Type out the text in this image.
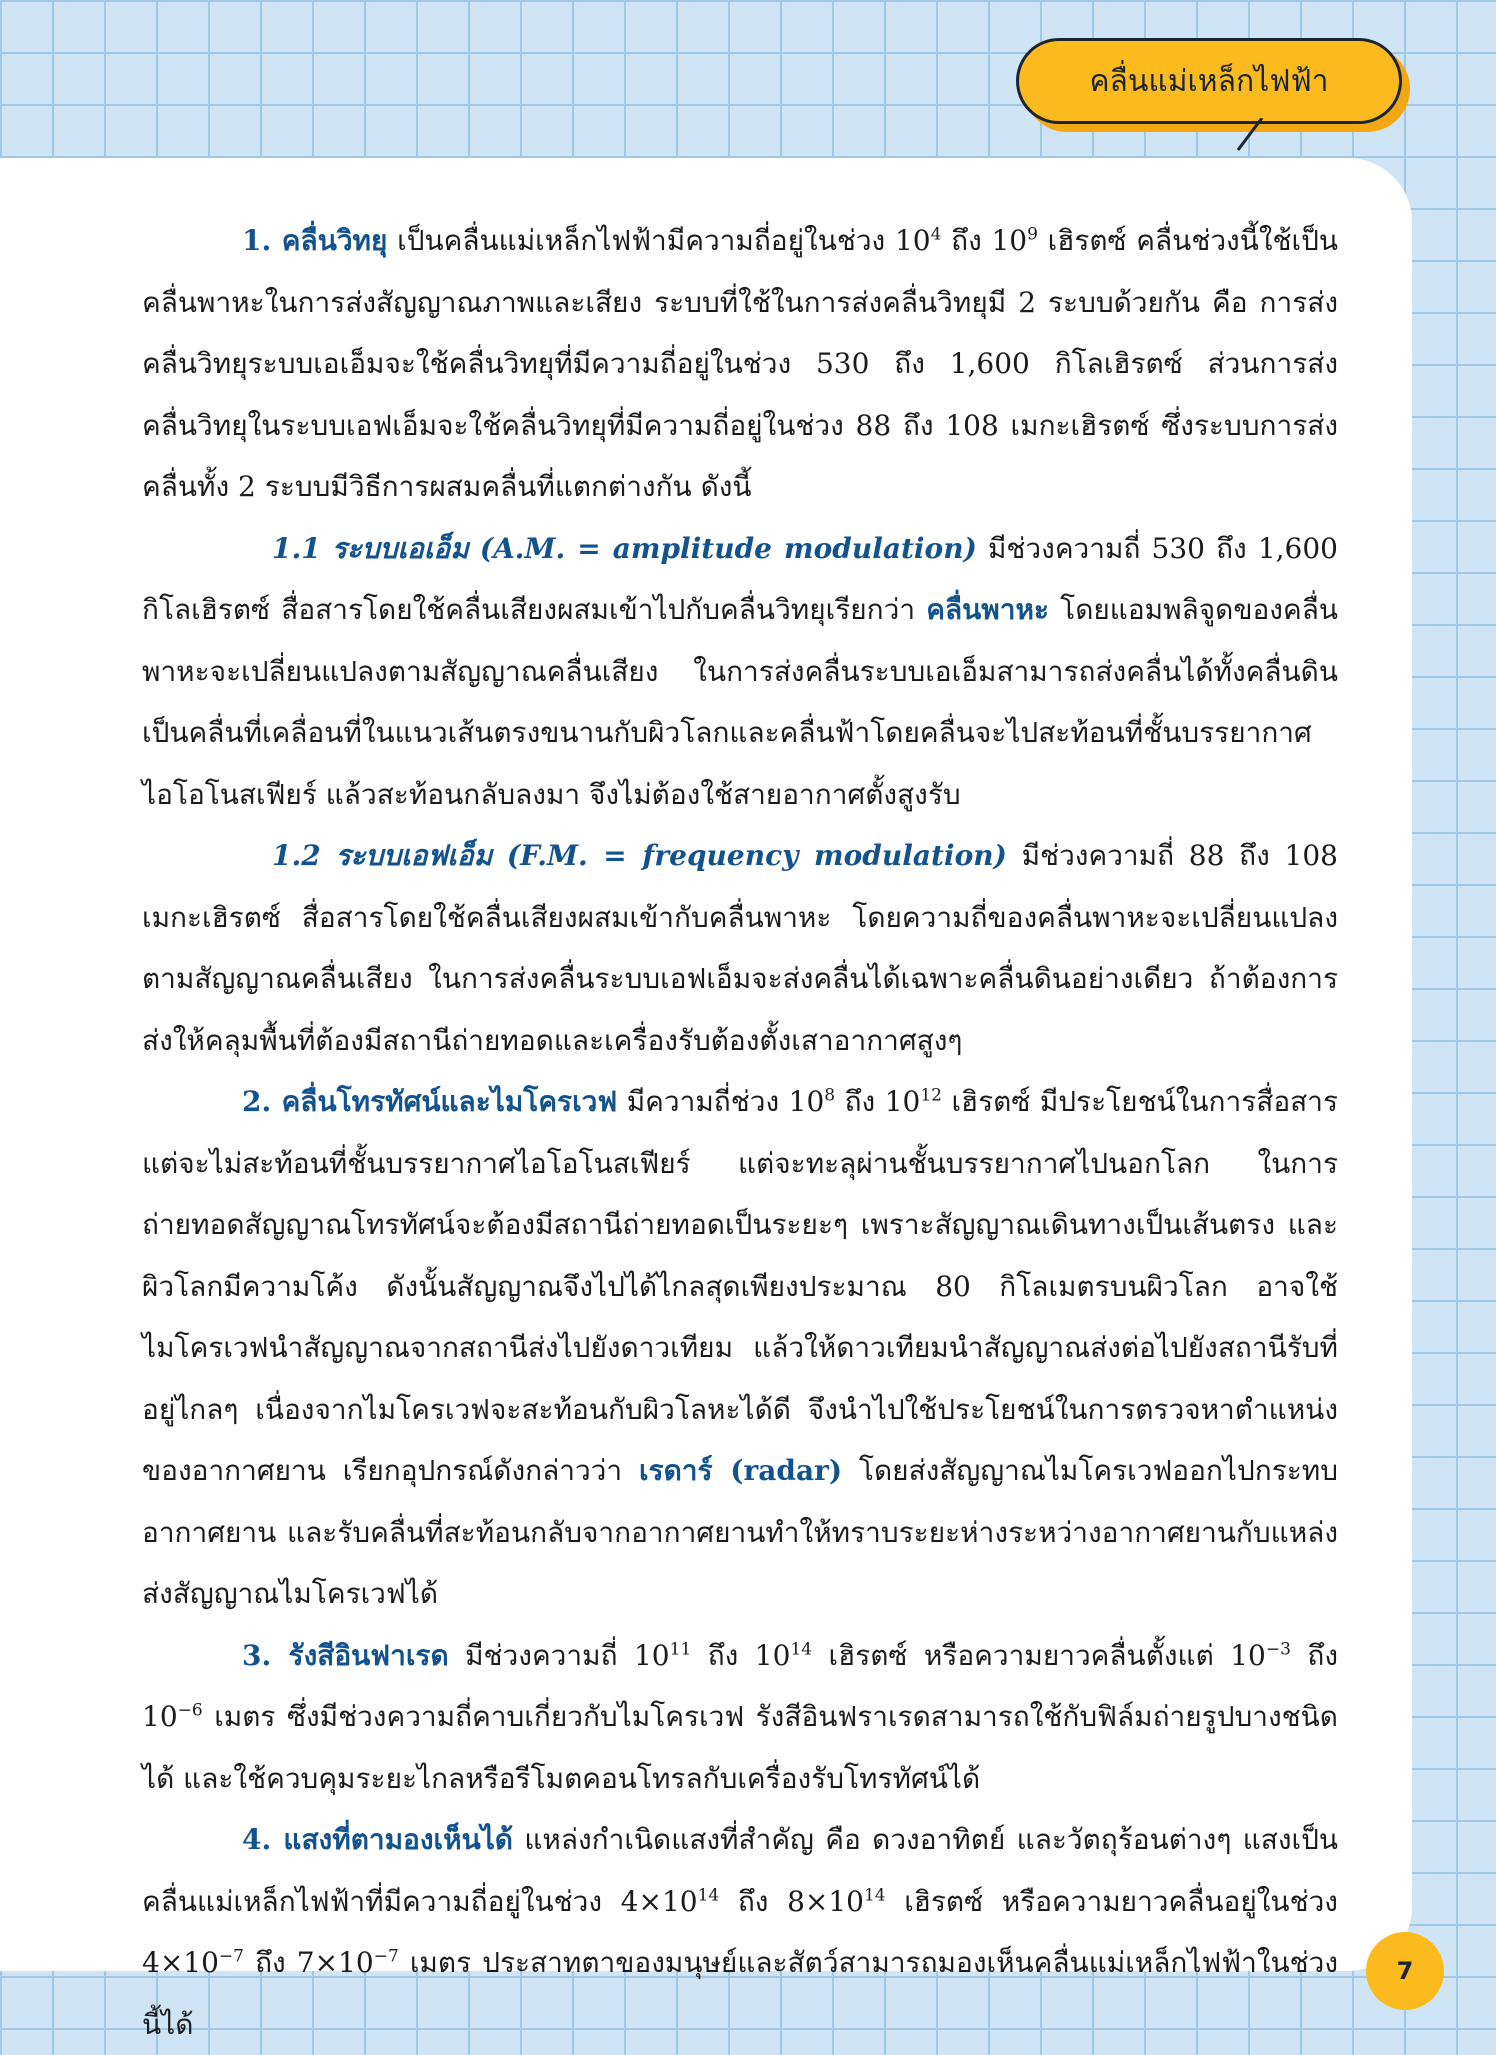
คลื่นแม่เหล็กไฟฟ้า

1. คลื่นวิทยุ เป็นคลื่นแม่เหล็กไฟฟ้ามีความถี่อยู่ในช่วง $10^4$ ถึง $10^9$ เฮิรตซ์ คลื่นช่วงนี้ใช้เป็นคลื่นพาหะในการส่งสัญญาณภาพและเสียง ระบบที่ใช้ในการส่งคลื่นวิทยุมี 2 ระบบด้วยกัน คือ การส่งคลื่นวิทยุระบบเอเอ็มจะใช้คลื่นวิทยุที่มีความถี่อยู่ในช่วง 530 ถึง 1,600 กิโลเฮิรตซ์ ส่วนการส่งคลื่นวิทยุในระบบเอฟเอ็มจะใช้คลื่นวิทยุที่มีความถี่อยู่ในช่วง 88 ถึง 108 เมกะเฮิรตซ์ ซึ่งระบบการส่งคลื่นทั้ง 2 ระบบมีวิธีการผสมคลื่นที่แตกต่างกัน ดังนี้

1.1 ระบบเอเอ็ม (A.M. = amplitude modulation) มีช่วงความถี่ 530 ถึง 1,600 กิโลเฮิรตซ์ สื่อสารโดยใช้คลื่นเสียงผสมเข้าไปกับคลื่นวิทยุเรียกว่า คลื่นพาหะ โดยแอมพลิจูดของคลื่นพาหะจะเปลี่ยนแปลงตามสัญญาณคลื่นเสียง ในการส่งคลื่นระบบเอเอ็มสามารถส่งคลื่นได้ทั้งคลื่นดินเป็นคลื่นที่เคลื่อนที่ในแนวเส้นตรงขนานกับผิวโลกและคลื่นฟ้าโดยคลื่นจะไปสะท้อนที่ชั้นบรรยากาศไอโอโนสเฟียร์ แล้วสะท้อนกลับลงมา จึงไม่ต้องใช้สายอากาศตั้งสูงรับ

1.2 ระบบเอฟเอ็ม (F.M. = frequency modulation) มีช่วงความถี่ 88 ถึง 108 เมกะเฮิรตซ์ สื่อสารโดยใช้คลื่นเสียงผสมเข้ากับคลื่นพาหะ โดยความถี่ของคลื่นพาหะจะเปลี่ยนแปลงตามสัญญาณคลื่นเสียง ในการส่งคลื่นระบบเอฟเอ็มจะส่งคลื่นได้เฉพาะคลื่นดินอย่างเดียว ถ้าต้องการส่งให้คลุมพื้นที่ต้องมีสถานีถ่ายทอดและเครื่องรับต้องตั้งเสาอากาศสูงๆ

2. คลื่นโทรทัศน์และไมโครเวฟ มีความถี่ช่วง $10^8$ ถึง $10^{12}$ เฮิรตซ์ มีประโยชน์ในการสื่อสาร แต่จะไม่สะท้อนที่ชั้นบรรยากาศไอโอโนสเฟียร์ แต่จะทะลุผ่านชั้นบรรยากาศไปนอกโลก ในการถ่ายทอดสัญญาณโทรทัศน์จะต้องมีสถานีถ่ายทอดเป็นระยะๆ เพราะสัญญาณเดินทางเป็นเส้นตรง และผิวโลกมีความโค้ง ดังนั้นสัญญาณจึงไปได้ไกลสุดเพียงประมาณ 80 กิโลเมตรบนผิวโลก อาจใช้ไมโครเวฟนำสัญญาณจากสถานีส่งไปยังดาวเทียม แล้วให้ดาวเทียมนำสัญญาณส่งต่อไปยังสถานีรับที่อยู่ไกลๆ เนื่องจากไมโครเวฟจะสะท้อนกับผิวโลหะได้ดี จึงนำไปใช้ประโยชน์ในการตรวจหาตำแหน่งของอากาศยาน เรียกอุปกรณ์ดังกล่าวว่า เรดาร์ (radar) โดยส่งสัญญาณไมโครเวฟออกไปกระทบอากาศยาน และรับคลื่นที่สะท้อนกลับจากอากาศยานทำให้ทราบระยะห่างระหว่างอากาศยานกับแหล่งส่งสัญญาณไมโครเวฟได้

3. รังสีอินฟาเรด มีช่วงความถี่ $10^{11}$ ถึง $10^{14}$ เฮิรตซ์ หรือความยาวคลื่นตั้งแต่ $10^{-3}$ ถึง $10^{-6}$ เมตร ซึ่งมีช่วงความถี่คาบเกี่ยวกับไมโครเวฟ รังสีอินฟราเรดสามารถใช้กับฟิล์มถ่ายรูปบางชนิดได้ และใช้ควบคุมระยะไกลหรือรีโมตคอนโทรลกับเครื่องรับโทรทัศน์ได้

4. แสงที่ตามองเห็นได้ แหล่งกำเนิดแสงที่สำคัญ คือ ดวงอาทิตย์ และวัตถุร้อนต่างๆ แสงเป็นคลื่นแม่เหล็กไฟฟ้าที่มีความถี่อยู่ในช่วง $4\times 10^{14}$ ถึง $8\times 10^{14}$ เฮิรตซ์ หรือความยาวคลื่นอยู่ในช่วง $4\times 10^{-7}$ ถึง $7\times 10^{-7}$ เมตร ประสาทตาของมนุษย์และสัตว์สามารถมองเห็นคลื่นแม่เหล็กไฟฟ้าในช่วงนี้ได้

7
